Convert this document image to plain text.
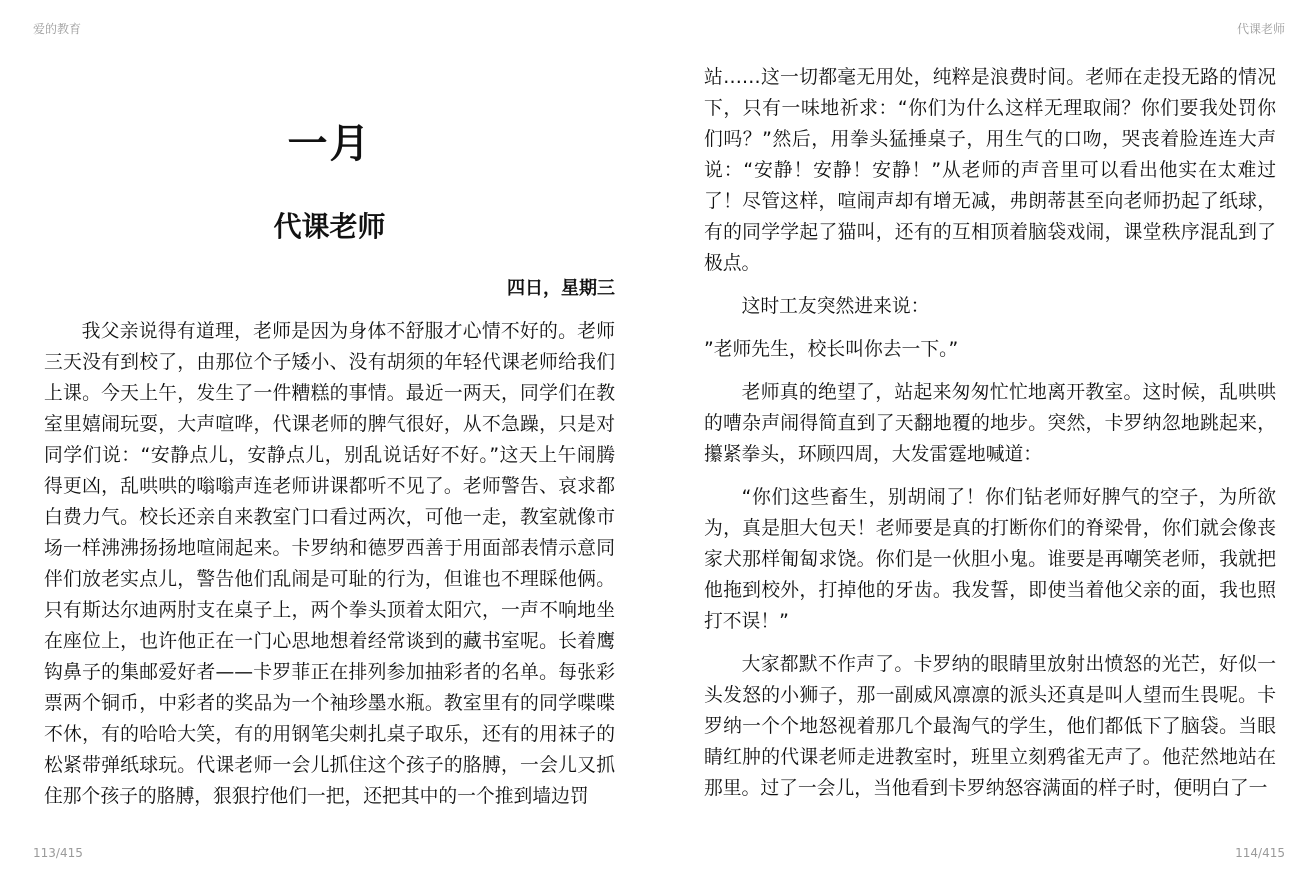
爱的教育	代课老师
一月
代课老师
四日，星期三

我父亲说得有道理，老师是因为身体不舒服才心情不好的。老师三天没有到校了，由那位个子矮小、没有胡须的年轻代课老师给我们上课。今天上午，发生了一件糟糕的事情。最近一两天，同学们在教室里嬉闹玩耍，大声喧哗，代课老师的脾气很好，从不急躁，只是对同学们说：“安静点儿，安静点儿，别乱说话好不好。”这天上午闹腾得更凶，乱哄哄的嗡嗡声连老师讲课都听不见了。老师警告、哀求都白费力气。校长还亲自来教室门口看过两次，可他一走，教室就像市场一样沸沸扬扬地喧闹起来。卡罗纳和德罗西善于用面部表情示意同伴们放老实点儿，警告他们乱闹是可耻的行为，但谁也不理睬他俩。只有斯达尔迪两肘支在桌子上，两个拳头顶着太阳穴，一声不响地坐在座位上，也许他正在一门心思地想着经常谈到的藏书室呢。长着鹰钩鼻子的集邮爱好者——卡罗菲正在排列参加抽彩者的名单。每张彩票两个铜币，中彩者的奖品为一个袖珍墨水瓶。教室里有的同学喋喋不休，有的哈哈大笑，有的用钢笔尖刺扎桌子取乐，还有的用袜子的松紧带弹纸球玩。代课老师一会儿抓住这个孩子的胳膊，一会儿又抓住那个孩子的胳膊，狠狠拧他们一把，还把其中的一个推到墙边罚

站……这一切都毫无用处，纯粹是浪费时间。老师在走投无路的情况下，只有一味地祈求：“你们为什么这样无理取闹？你们要我处罚你们吗？”然后，用拳头猛捶桌子，用生气的口吻，哭丧着脸连连大声说：“安静！安静！安静！”从老师的声音里可以看出他实在太难过了！尽管这样，喧闹声却有增无减，弗朗蒂甚至向老师扔起了纸球，有的同学学起了猫叫，还有的互相顶着脑袋戏闹，课堂秩序混乱到了极点。

这时工友突然进来说：

”老师先生，校长叫你去一下。”

老师真的绝望了，站起来匆匆忙忙地离开教室。这时候，乱哄哄的嘈杂声闹得简直到了天翻地覆的地步。突然，卡罗纳忽地跳起来，攥紧拳头，环顾四周，大发雷霆地喊道：

“你们这些畜生，别胡闹了！你们钻老师好脾气的空子，为所欲为，真是胆大包天！老师要是真的打断你们的脊梁骨，你们就会像丧家犬那样匍匐求饶。你们是一伙胆小鬼。谁要是再嘲笑老师，我就把他拖到校外，打掉他的牙齿。我发誓，即使当着他父亲的面，我也照打不误！”

大家都默不作声了。卡罗纳的眼睛里放射出愤怒的光芒，好似一头发怒的小狮子，那一副威风凛凛的派头还真是叫人望而生畏呢。卡罗纳一个个地怒视着那几个最淘气的学生，他们都低下了脑袋。当眼睛红肿的代课老师走进教室时，班里立刻鸦雀无声了。他茫然地站在那里。过了一会儿，当他看到卡罗纳怒容满面的样子时，便明白了一

113/415	114/415
